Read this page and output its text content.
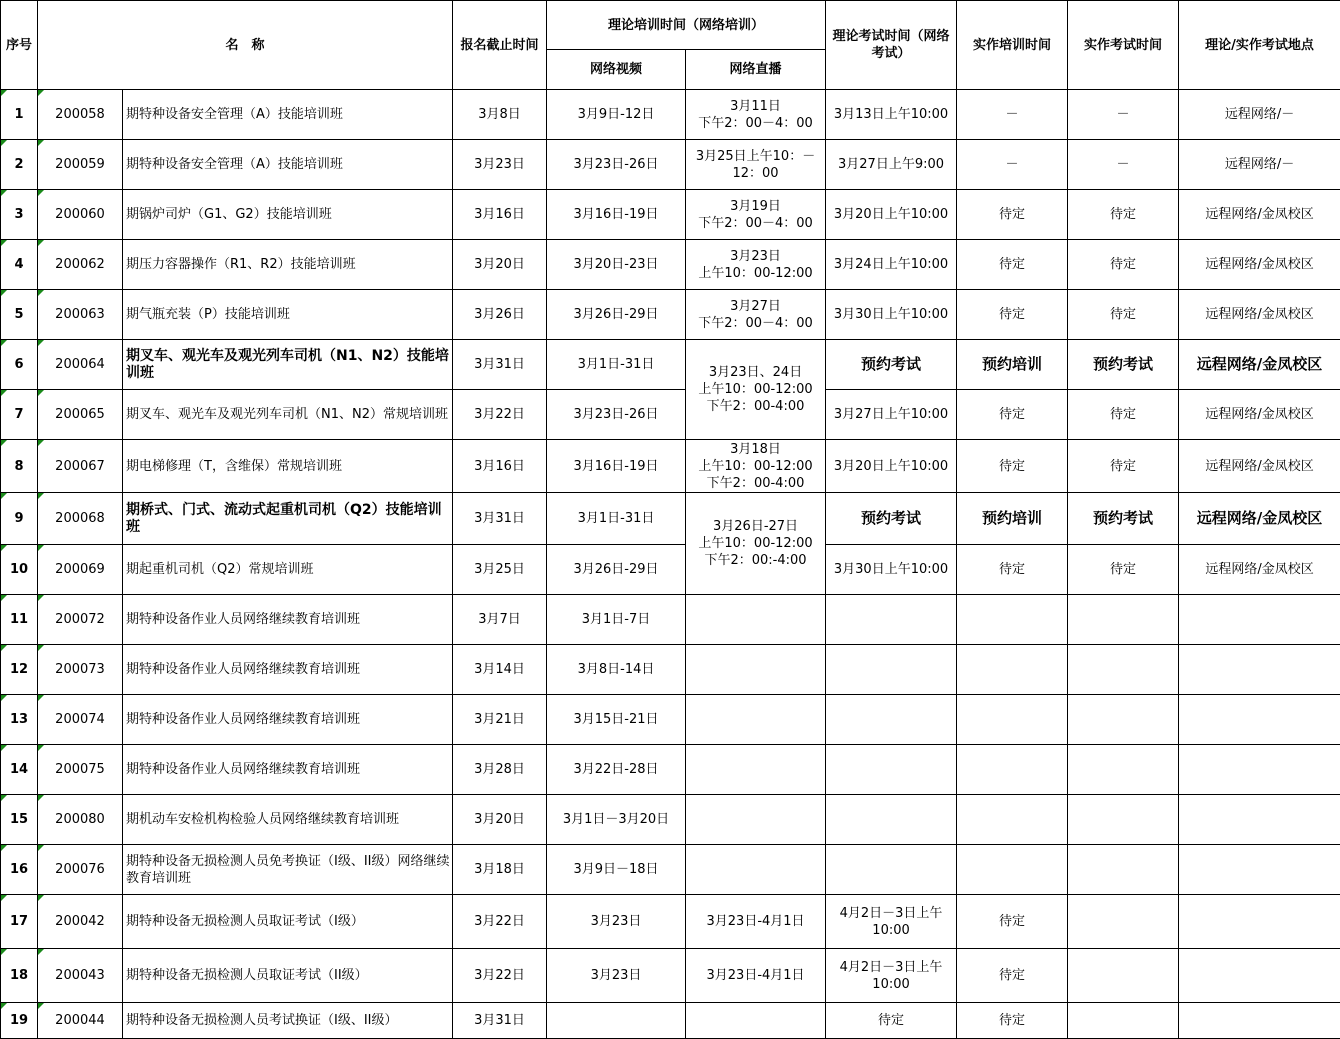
序号	名　称		报名截止时间	理论培训时间（网络培训）		理论考试时间（网络考试）	实作培训时间	实作考试时间	理论/实作考试地点
				网络视频	网络直播				
1	200058	期特种设备安全管理（A）技能培训班	3月8日	3月9日-12日	3月11日
下午2：00－4：00	3月13日上午10:00	－	－	远程网络/－
2	200059	期特种设备安全管理（A）技能培训班	3月23日	3月23日-26日	3月25日上午10：－12：00	3月27日上午9:00	－	－	远程网络/－
3	200060	期锅炉司炉（G1、G2）技能培训班	3月16日	3月16日-19日	3月19日
下午2：00－4：00	3月20日上午10:00	待定	待定	远程网络/金凤校区
4	200062	期压力容器操作（R1、R2）技能培训班	3月20日	3月20日-23日	3月23日
上午10：00-12:00	3月24日上午10:00	待定	待定	远程网络/金凤校区
5	200063	期气瓶充装（P）技能培训班	3月26日	3月26日-29日	3月27日
下午2：00－4：00	3月30日上午10:00	待定	待定	远程网络/金凤校区
6	200064	期叉车、观光车及观光列车司机（N1、N2）技能培训班	3月31日	3月1日-31日	3月23日、24日
上午10：00-12:00
下午2：00-4:00	预约考试	预约培训	预约考试	远程网络/金凤校区
7	200065	期叉车、观光车及观光列车司机（N1、N2）常规培训班	3月22日	3月23日-26日		3月27日上午10:00	待定	待定	远程网络/金凤校区
8	200067	期电梯修理（T，含维保）常规培训班	3月16日	3月16日-19日	3月18日
上午10：00-12:00
下午2：00-4:00	3月20日上午10:00	待定	待定	远程网络/金凤校区
9	200068	期桥式、门式、流动式起重机司机（Q2）技能培训班	3月31日	3月1日-31日	3月26日-27日
上午10：00-12:00
下午2：00:-4:00	预约考试	预约培训	预约考试	远程网络/金凤校区
10	200069	期起重机司机（Q2）常规培训班	3月25日	3月26日-29日		3月30日上午10:00	待定	待定	远程网络/金凤校区
11	200072	期特种设备作业人员网络继续教育培训班	3月7日	3月1日-7日					
12	200073	期特种设备作业人员网络继续教育培训班	3月14日	3月8日-14日					
13	200074	期特种设备作业人员网络继续教育培训班	3月21日	3月15日-21日					
14	200075	期特种设备作业人员网络继续教育培训班	3月28日	3月22日-28日					
15	200080	期机动车安检机构检验人员网络继续教育培训班	3月20日	3月1日－3月20日					
16	200076	期特种设备无损检测人员免考换证（I级、II级）网络继续教育培训班	3月18日	3月9日－18日					
17	200042	期特种设备无损检测人员取证考试（I级）	3月22日	3月23日	3月23日-4月1日	4月2日－3日上午10:00	待定		
18	200043	期特种设备无损检测人员取证考试（II级）	3月22日	3月23日	3月23日-4月1日	4月2日－3日上午10:00	待定		
19	200044	期特种设备无损检测人员考试换证（I级、II级）	3月31日			待定	待定		
